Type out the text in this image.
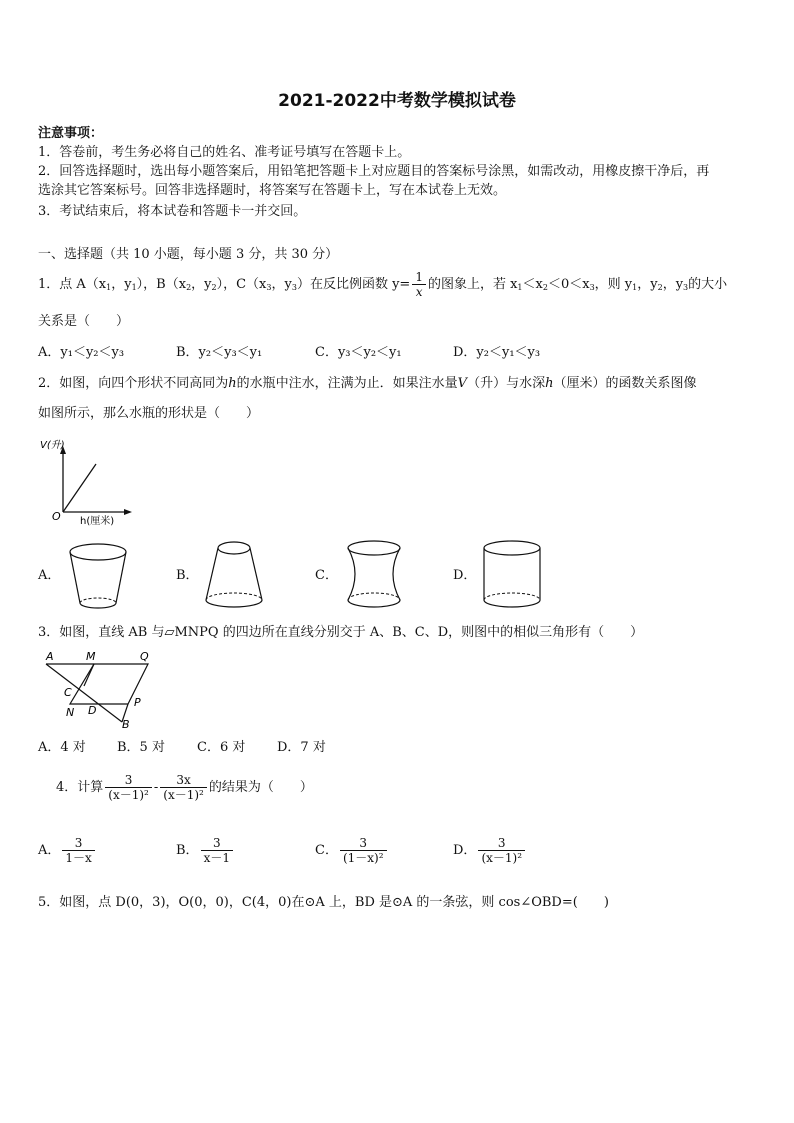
2021-2022中考数学模拟试卷
注意事项：
1．答卷前，考生务必将自己的姓名、准考证号填写在答题卡上。
2．回答选择题时，选出每小题答案后，用铅笔把答题卡上对应题目的答案标号涂黑，如需改动，用橡皮擦干净后，再
选涂其它答案标号。回答非选择题时，将答案写在答题卡上，写在本试卷上无效。
3．考试结束后，将本试卷和答题卡一并交回。
一、选择题（共 10 小题，每小题 3 分，共 30 分）
1．点 $A(x_1$，$y_1$），$B(x_2$，$y_2$），$C(x_3$，$y_3$）在反比例函数 $y= \frac{1}{x}$ 的图象上，若 $x_1<x_2<0<x_3$，则 $y_1$，$y_2$，$y_3$的大小
关系是（　　）
A．y₁＜y₂＜y₃	B．y₂＜y₃＜y₁	C．y₃＜y₂＜y₁	D．y₂＜y₁＜y₃
2．如图，向四个形状不同高同为h的水瓶中注水，注满为止．如果注水量V（升）与水深h（厘米）的函数关系图像
如图所示，那么水瓶的形状是（　　）
V(升)
O h(厘米)
A．	B．	C．	D．
3．如图，直线 AB 与▱MNPQ 的四边所在直线分别交于 A、B、C、D，则图中的相似三角形有（　　）
A	M	Q
C
N D
P
B
A．4 对 B．5 对 C．6 对 D．7 对
4．计算 $\frac{3}{\text{(x－1)²}} - \frac{3x}{\text{(x－1)²}}$ 的结果为（　　）
A． $\frac{3}{1-x}$	B． $\frac{3}{x-1}$	C． $\frac{3}{\text{(1－x)²}}$	D． $\frac{3}{\text{(x－1)²}}$
5．如图，点 D(0，3)，O(0，0)，C(4，0)在⊙A 上，BD 是⊙A 的一条弦，则 cos∠OBD=(　　)
